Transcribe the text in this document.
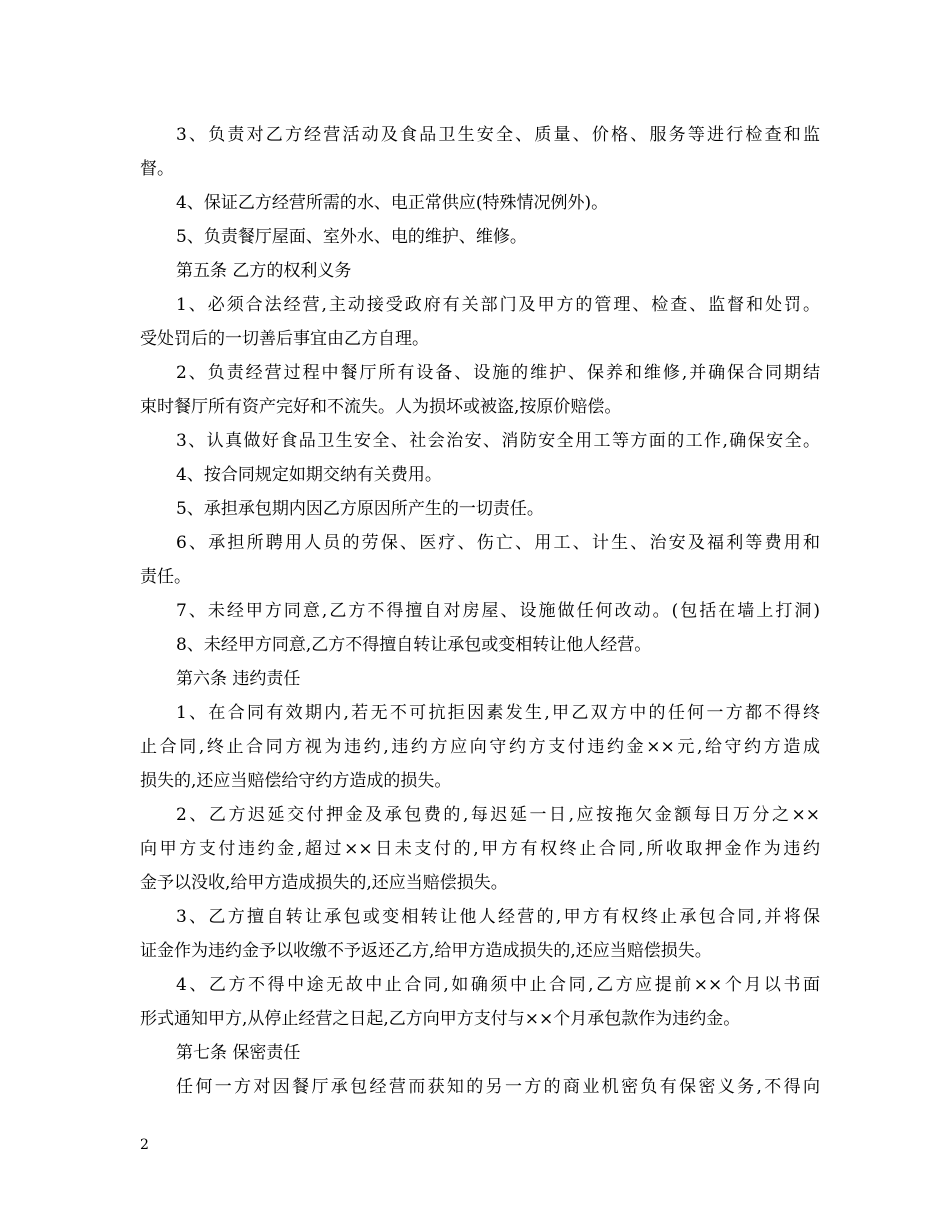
3、负责对乙方经营活动及食品卫生安全、质量、价格、服务等进行检查和监
督。
4、保证乙方经营所需的水、电正常供应(特殊情况例外)。
5、负责餐厅屋面、室外水、电的维护、维修。
第五条 乙方的权利义务
1、必须合法经营,主动接受政府有关部门及甲方的管理、检查、监督和处罚。
受处罚后的一切善后事宜由乙方自理。
2、负责经营过程中餐厅所有设备、设施的维护、保养和维修,并确保合同期结
束时餐厅所有资产完好和不流失。人为损坏或被盗,按原价赔偿。
3、认真做好食品卫生安全、社会治安、消防安全用工等方面的工作,确保安全。
4、按合同规定如期交纳有关费用。
5、承担承包期内因乙方原因所产生的一切责任。
6、承担所聘用人员的劳保、医疗、伤亡、用工、计生、治安及福利等费用和
责任。
7、未经甲方同意,乙方不得擅自对房屋、设施做任何改动。(包括在墙上打洞)
8、未经甲方同意,乙方不得擅自转让承包或变相转让他人经营。
第六条 违约责任
1、在合同有效期内,若无不可抗拒因素发生,甲乙双方中的任何一方都不得终
止合同,终止合同方视为违约,违约方应向守约方支付违约金××元,给守约方造成
损失的,还应当赔偿给守约方造成的损失。
2、乙方迟延交付押金及承包费的,每迟延一日,应按拖欠金额每日万分之××
向甲方支付违约金,超过××日未支付的,甲方有权终止合同,所收取押金作为违约
金予以没收,给甲方造成损失的,还应当赔偿损失。
3、乙方擅自转让承包或变相转让他人经营的,甲方有权终止承包合同,并将保
证金作为违约金予以收缴不予返还乙方,给甲方造成损失的,还应当赔偿损失。
4、乙方不得中途无故中止合同,如确须中止合同,乙方应提前××个月以书面
形式通知甲方,从停止经营之日起,乙方向甲方支付与××个月承包款作为违约金。
第七条 保密责任
任何一方对因餐厅承包经营而获知的另一方的商业机密负有保密义务,不得向
2
